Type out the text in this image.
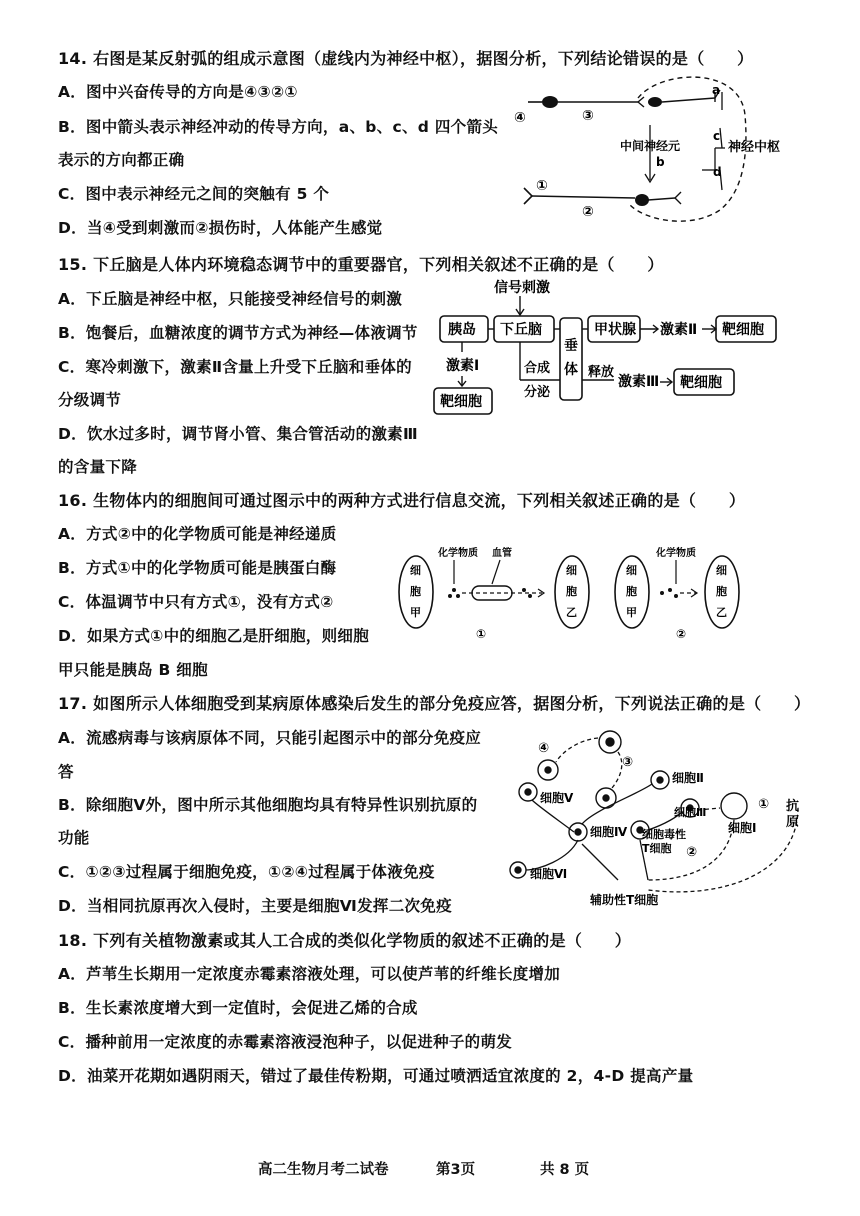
14. 右图是某反射弧的组成示意图（虚线内为神经中枢），据图分析，下列结论错误的是（　　）
A．图中兴奋传导的方向是④③②①
B．图中箭头表示神经冲动的传导方向，a、b、c、d 四个箭头
表示的方向都正确
C．图中表示神经元之间的突触有 5 个
D．当④受到刺激而②损伤时，人体能产生感觉
④	③
①
②
a
b
c
d
中间神经元	神经中枢
15. 下丘脑是人体内环境稳态调节中的重要器官，下列相关叙述不正确的是（　　）
A．下丘脑是神经中枢，只能接受神经信号的刺激
B．饱餐后，血糖浓度的调节方式为神经—体液调节
C．寒冷刺激下，激素Ⅱ含量上升受下丘脑和垂体的
分级调节
D．饮水过多时，调节肾小管、集合管活动的激素Ⅲ
的含量下降
信号刺激
胰岛 下丘脑
垂
体
甲状腺 激素Ⅱ 靶细胞
激素Ⅰ
靶细胞
合成
分泌
释放
激素Ⅲ 靶细胞
16. 生物体内的细胞间可通过图示中的两种方式进行信息交流，下列相关叙述正确的是（　　）
A．方式②中的化学物质可能是神经递质
B．方式①中的化学物质可能是胰蛋白酶
C．体温调节中只有方式①，没有方式②
D．如果方式①中的细胞乙是肝细胞，则细胞
甲只能是胰岛 B 细胞
细
胞
甲
化学物质 血管
细
胞
乙
①
细
胞
甲
化学物质
细
胞
乙
②
17. 如图所示人体细胞受到某病原体感染后发生的部分免疫应答，据图分析，下列说法正确的是（　　）
A．流感病毒与该病原体不同，只能引起图示中的部分免疫应
答
B．除细胞Ⅴ外，图中所示其他细胞均具有特异性识别抗原的
功能
C．①②③过程属于细胞免疫，①②④过程属于体液免疫
D．当相同抗原再次入侵时，主要是细胞Ⅵ发挥二次免疫
④
③
①
②
细胞Ⅴ
细胞Ⅱ
细胞Ⅲ
细胞Ⅰ
细胞Ⅳ 细胞毒性
T细胞
细胞Ⅵ
辅助性T细胞
抗
原
18. 下列有关植物激素或其人工合成的类似化学物质的叙述不正确的是（　　）
A．芦苇生长期用一定浓度赤霉素溶液处理，可以使芦苇的纤维长度增加
B．生长素浓度增大到一定值时，会促进乙烯的合成
C．播种前用一定浓度的赤霉素溶液浸泡种子，以促进种子的萌发
D．油菜开花期如遇阴雨天，错过了最佳传粉期，可通过喷洒适宜浓度的 2，4-D 提高产量
高二生物月考二试卷	第3页	共 8 页
